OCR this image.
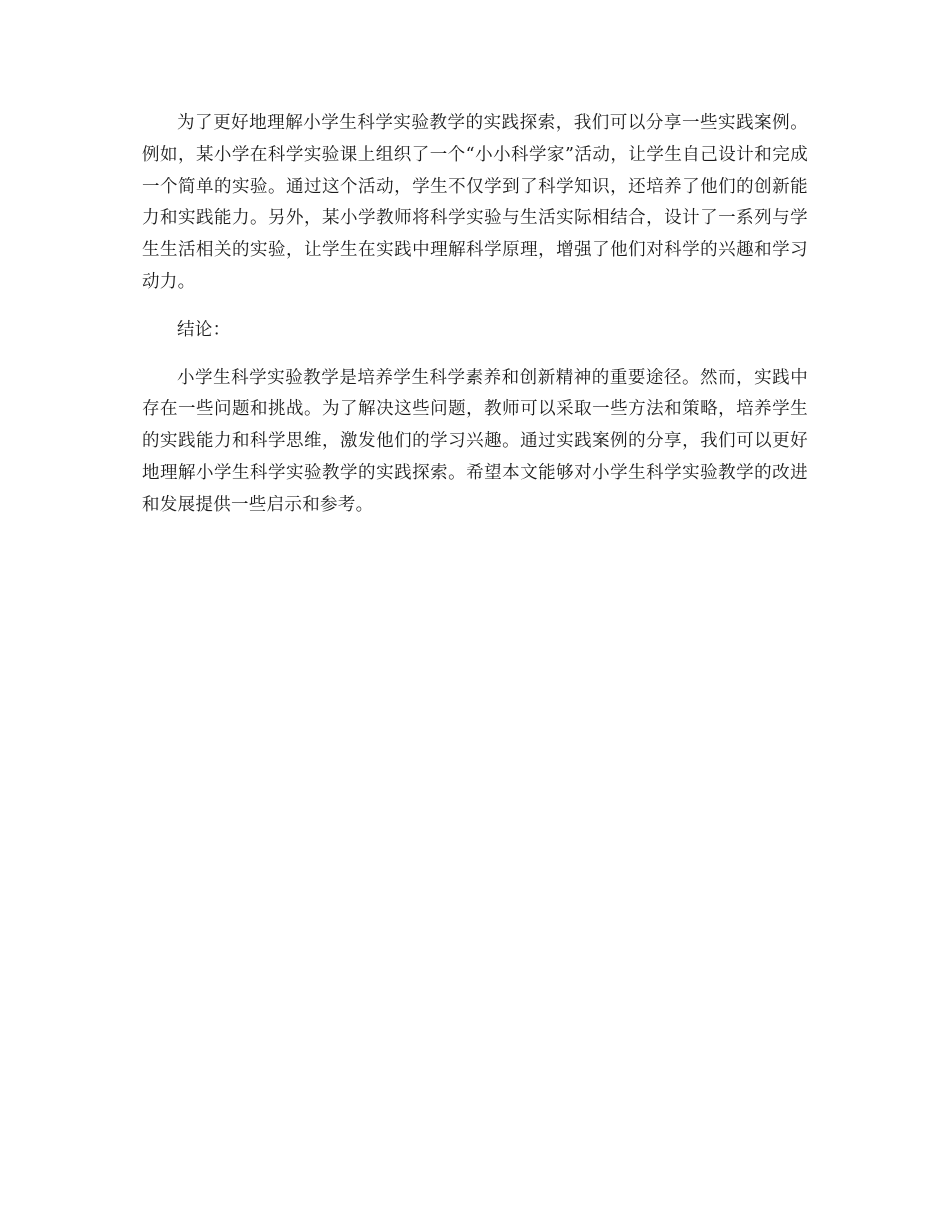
为了更好地理解小学生科学实验教学的实践探索，我们可以分享一些实践案例。例如，某小学在科学实验课上组织了一个“小小科学家”活动，让学生自己设计和完成一个简单的实验。通过这个活动，学生不仅学到了科学知识，还培养了他们的创新能力和实践能力。另外，某小学教师将科学实验与生活实际相结合，设计了一系列与学生生活相关的实验，让学生在实践中理解科学原理，增强了他们对科学的兴趣和学习动力。

结论：

小学生科学实验教学是培养学生科学素养和创新精神的重要途径。然而，实践中存在一些问题和挑战。为了解决这些问题，教师可以采取一些方法和策略，培养学生的实践能力和科学思维，激发他们的学习兴趣。通过实践案例的分享，我们可以更好地理解小学生科学实验教学的实践探索。希望本文能够对小学生科学实验教学的改进和发展提供一些启示和参考。
